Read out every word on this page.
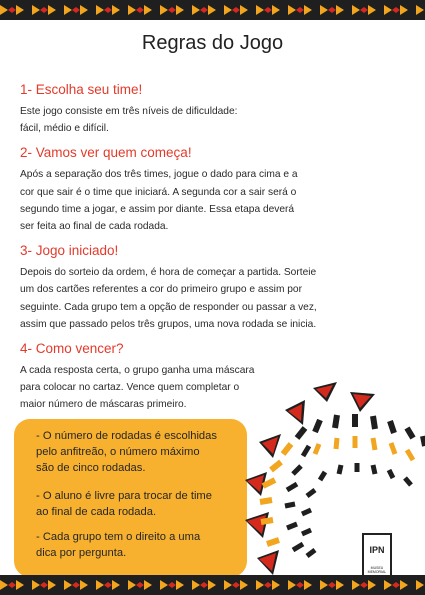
Regras do Jogo

1- Escolha seu time!

Este jogo consiste em três níveis de dificuldade:
fácil, médio e difícil.

2- Vamos ver quem começa!

Após a separação dos três times, jogue o dado para cima e a
cor que sair é o time que iniciará. A segunda cor a sair será o
segundo time a jogar, e assim por diante. Essa etapa deverá
ser feita ao final de cada rodada.

3- Jogo iniciado!

Depois do sorteio da ordem, é hora de começar a partida. Sorteie
um dos cartões referentes a cor do primeiro grupo e assim por
seguinte. Cada grupo tem a opção de responder ou passar a vez,
assim que passado pelos três grupos, uma nova rodada se inicia.

4- Como vencer?

A cada resposta certa, o grupo ganha uma máscara
para colocar no cartaz. Vence quem completar o
maior número de máscaras primeiro.

- O número de rodadas é escolhidas
pelo anfitreão, o número máximo
são de cinco rodadas.
- O aluno é livre para trocar de time
ao final de cada rodada.
- Cada grupo tem o direito a uma
dica por pergunta.	IPN
MUSEU MEMORIAL
